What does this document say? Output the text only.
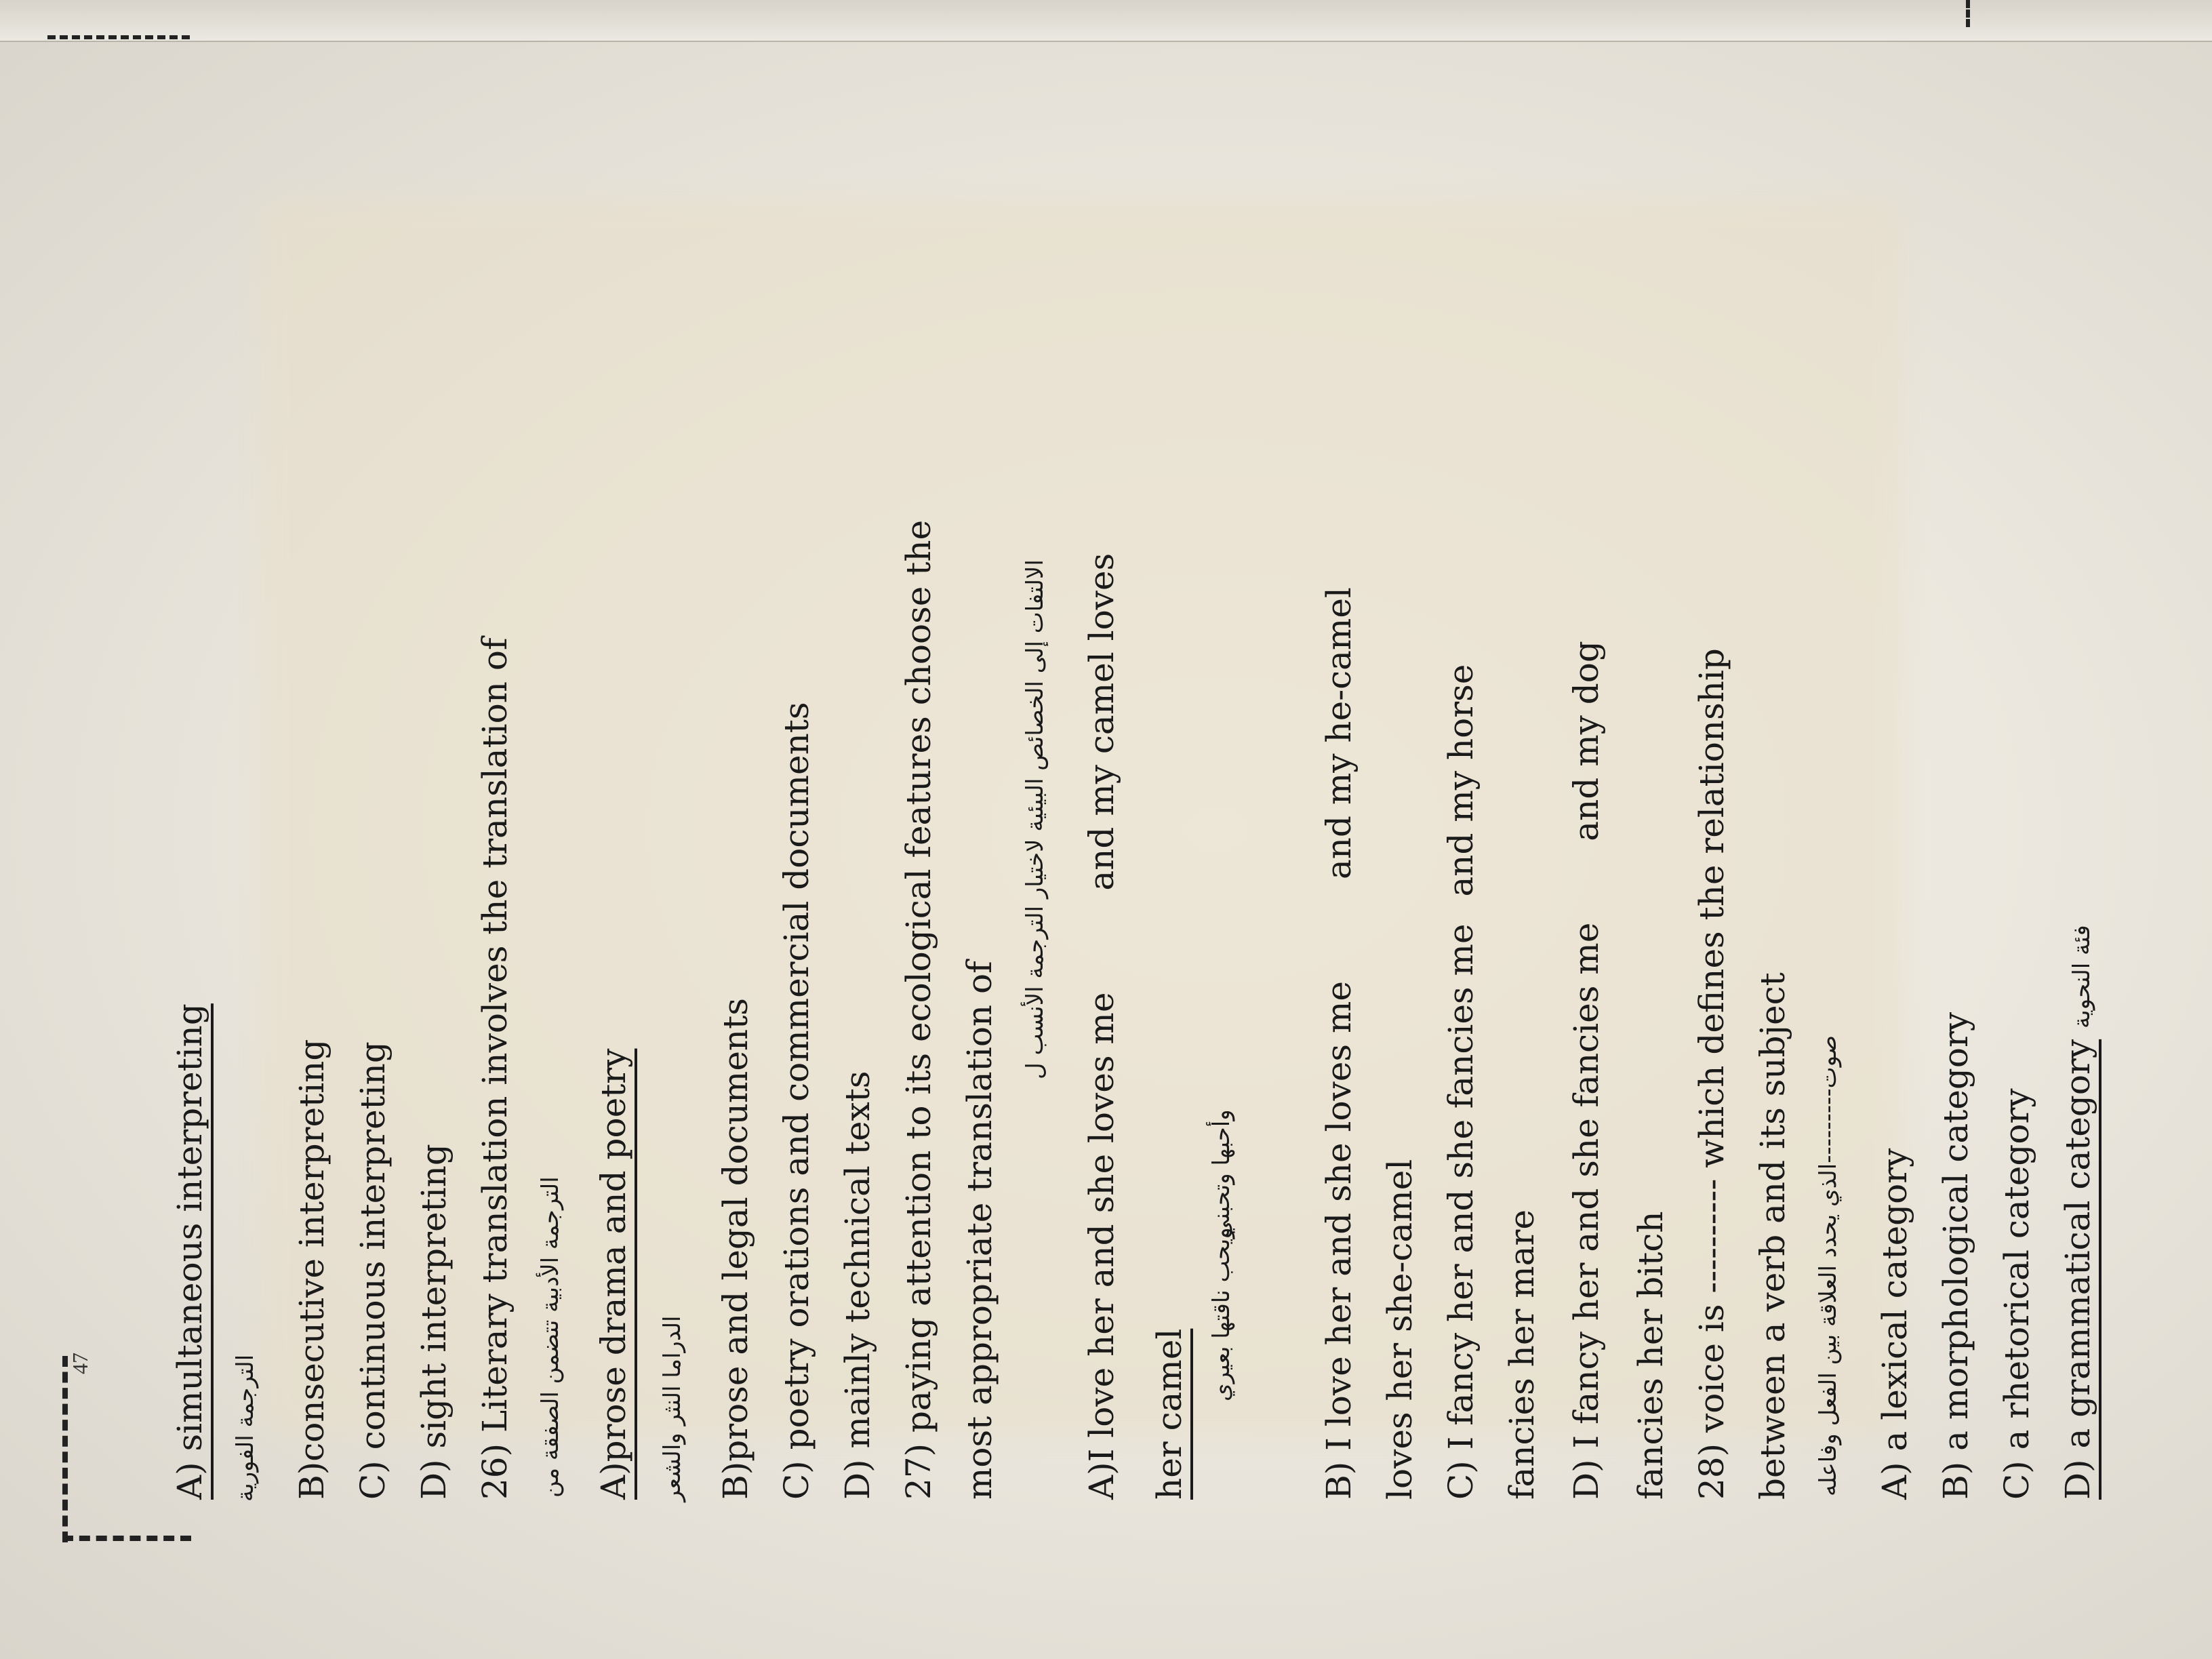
47 A) simultaneous interpreting الترجمة الفورية B)consecutive interpreting C) continuous interpreting D) sight interpreting 26) Literary translation involves the translation of الترجمة الأدبية تتضمن الصفقة من A)prose drama and poetry الدراما النثر والشعر B)prose and legal documents C) poetry orations and commercial documents D) mainly technical texts 27) paying attention to its ecological features choose the most appropriate translation of
الالتفات إلى الخصائص البيئية لاختيار الترجمة الأنسب ل
A)I love her and she loves meand my camel loves
her camel
وأحبها وتحبني
ويحب ناقتها بعيري B) I love her and she loves meand my he-camel
loves her she-camel C) I fancy her and she fancies meand my horse
fancies her mare D) I fancy her and she fancies meand my dog
fancies her bitch 28) voice is ---------- which defines the relationship between a verb and its subject صوت---------الذي يحدد العلاقة بين الفعل وفاعله A) a lexical category B) a morphological category C) a rhetorical category D) a grammatical category فئة النحوية
